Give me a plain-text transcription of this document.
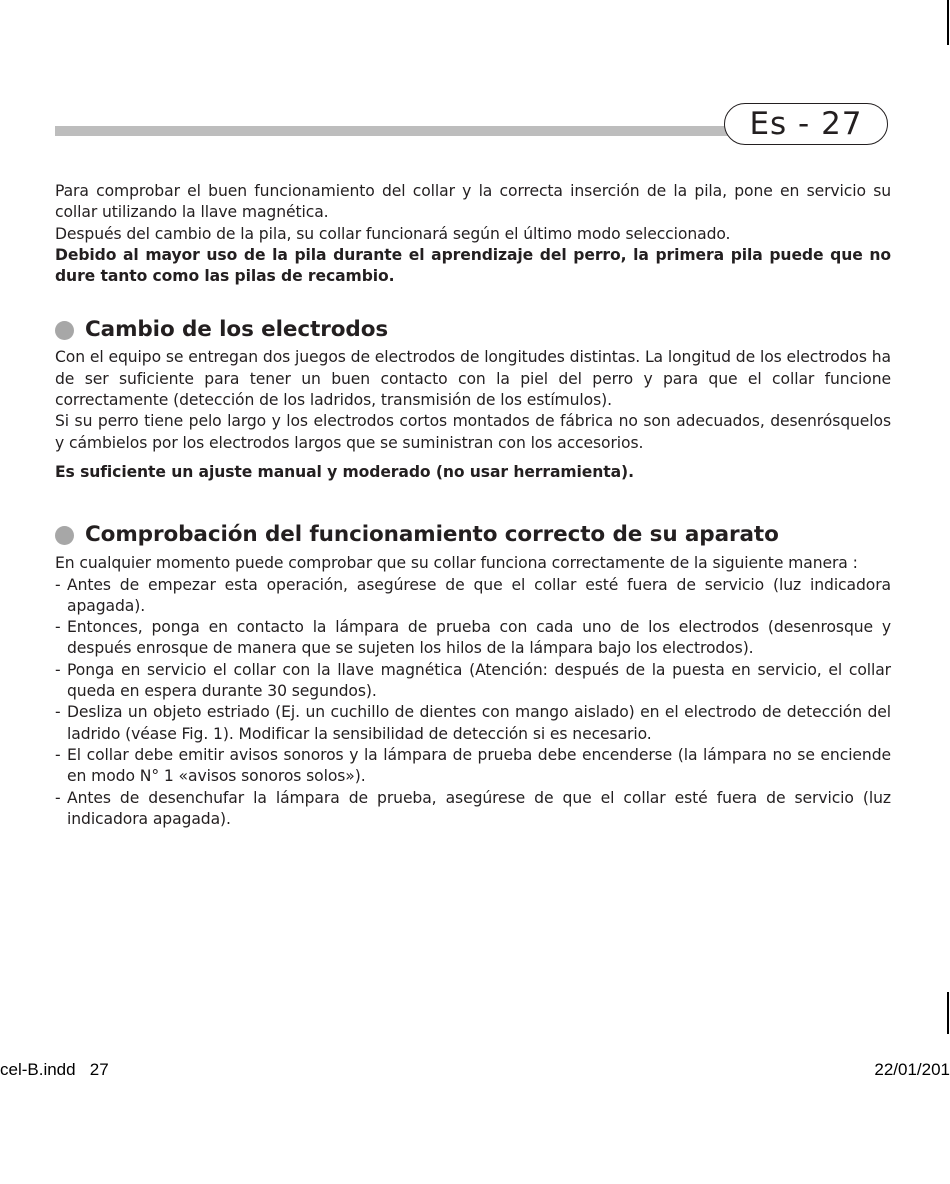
Es - 27

Para comprobar el buen funcionamiento del collar y la correcta inserción de la pila, pone en servicio su collar utilizando la llave magnética.

Después del cambio de la pila, su collar funcionará según el último modo seleccionado.

Debido al mayor uso de la pila durante el aprendizaje del perro, la primera pila puede que no dure tanto como las pilas de recambio.

Cambio de los electrodos

Con el equipo se entregan dos juegos de electrodos de longitudes distintas. La longitud de los electrodos ha de ser suficiente para tener un buen contacto con la piel del perro y para que el collar funcione correctamente (detección de los ladridos, transmisión de los estímulos).

Si su perro tiene pelo largo y los electrodos cortos montados de fábrica no son adecuados, desenrósquelos y cámbielos por los electrodos largos que se suministran con los accesorios.

Es suficiente un ajuste manual y moderado (no usar herramienta).

Comprobación del funcionamiento correcto de su aparato

En cualquier momento puede comprobar que su collar funciona correctamente de la siguiente manera :

- Antes de empezar esta operación, asegúrese de que el collar esté fuera de servicio (luz indicadora apagada).
- Entonces, ponga en contacto la lámpara de prueba con cada uno de los electrodos (desenrosque y después enrosque de manera que se sujeten los hilos de la lámpara bajo los electrodos).
- Ponga en servicio el collar con la llave magnética (Atención: después de la puesta en servicio, el collar queda en espera durante 30 segundos).
- Desliza un objeto estriado (Ej. un cuchillo de dientes con mango aislado) en el electrodo de detección del ladrido (véase Fig. 1). Modificar la sensibilidad de detección si es necesario.
- El collar debe emitir avisos sonoros y la lámpara de prueba debe encenderse (la lámpara no se enciende en modo N° 1 «avisos sonoros solos»).
- Antes de desenchufar la lámpara de prueba, asegúrese de que el collar esté fuera de servicio (luz indicadora apagada).
cel-B.indd   27	22/01/201
